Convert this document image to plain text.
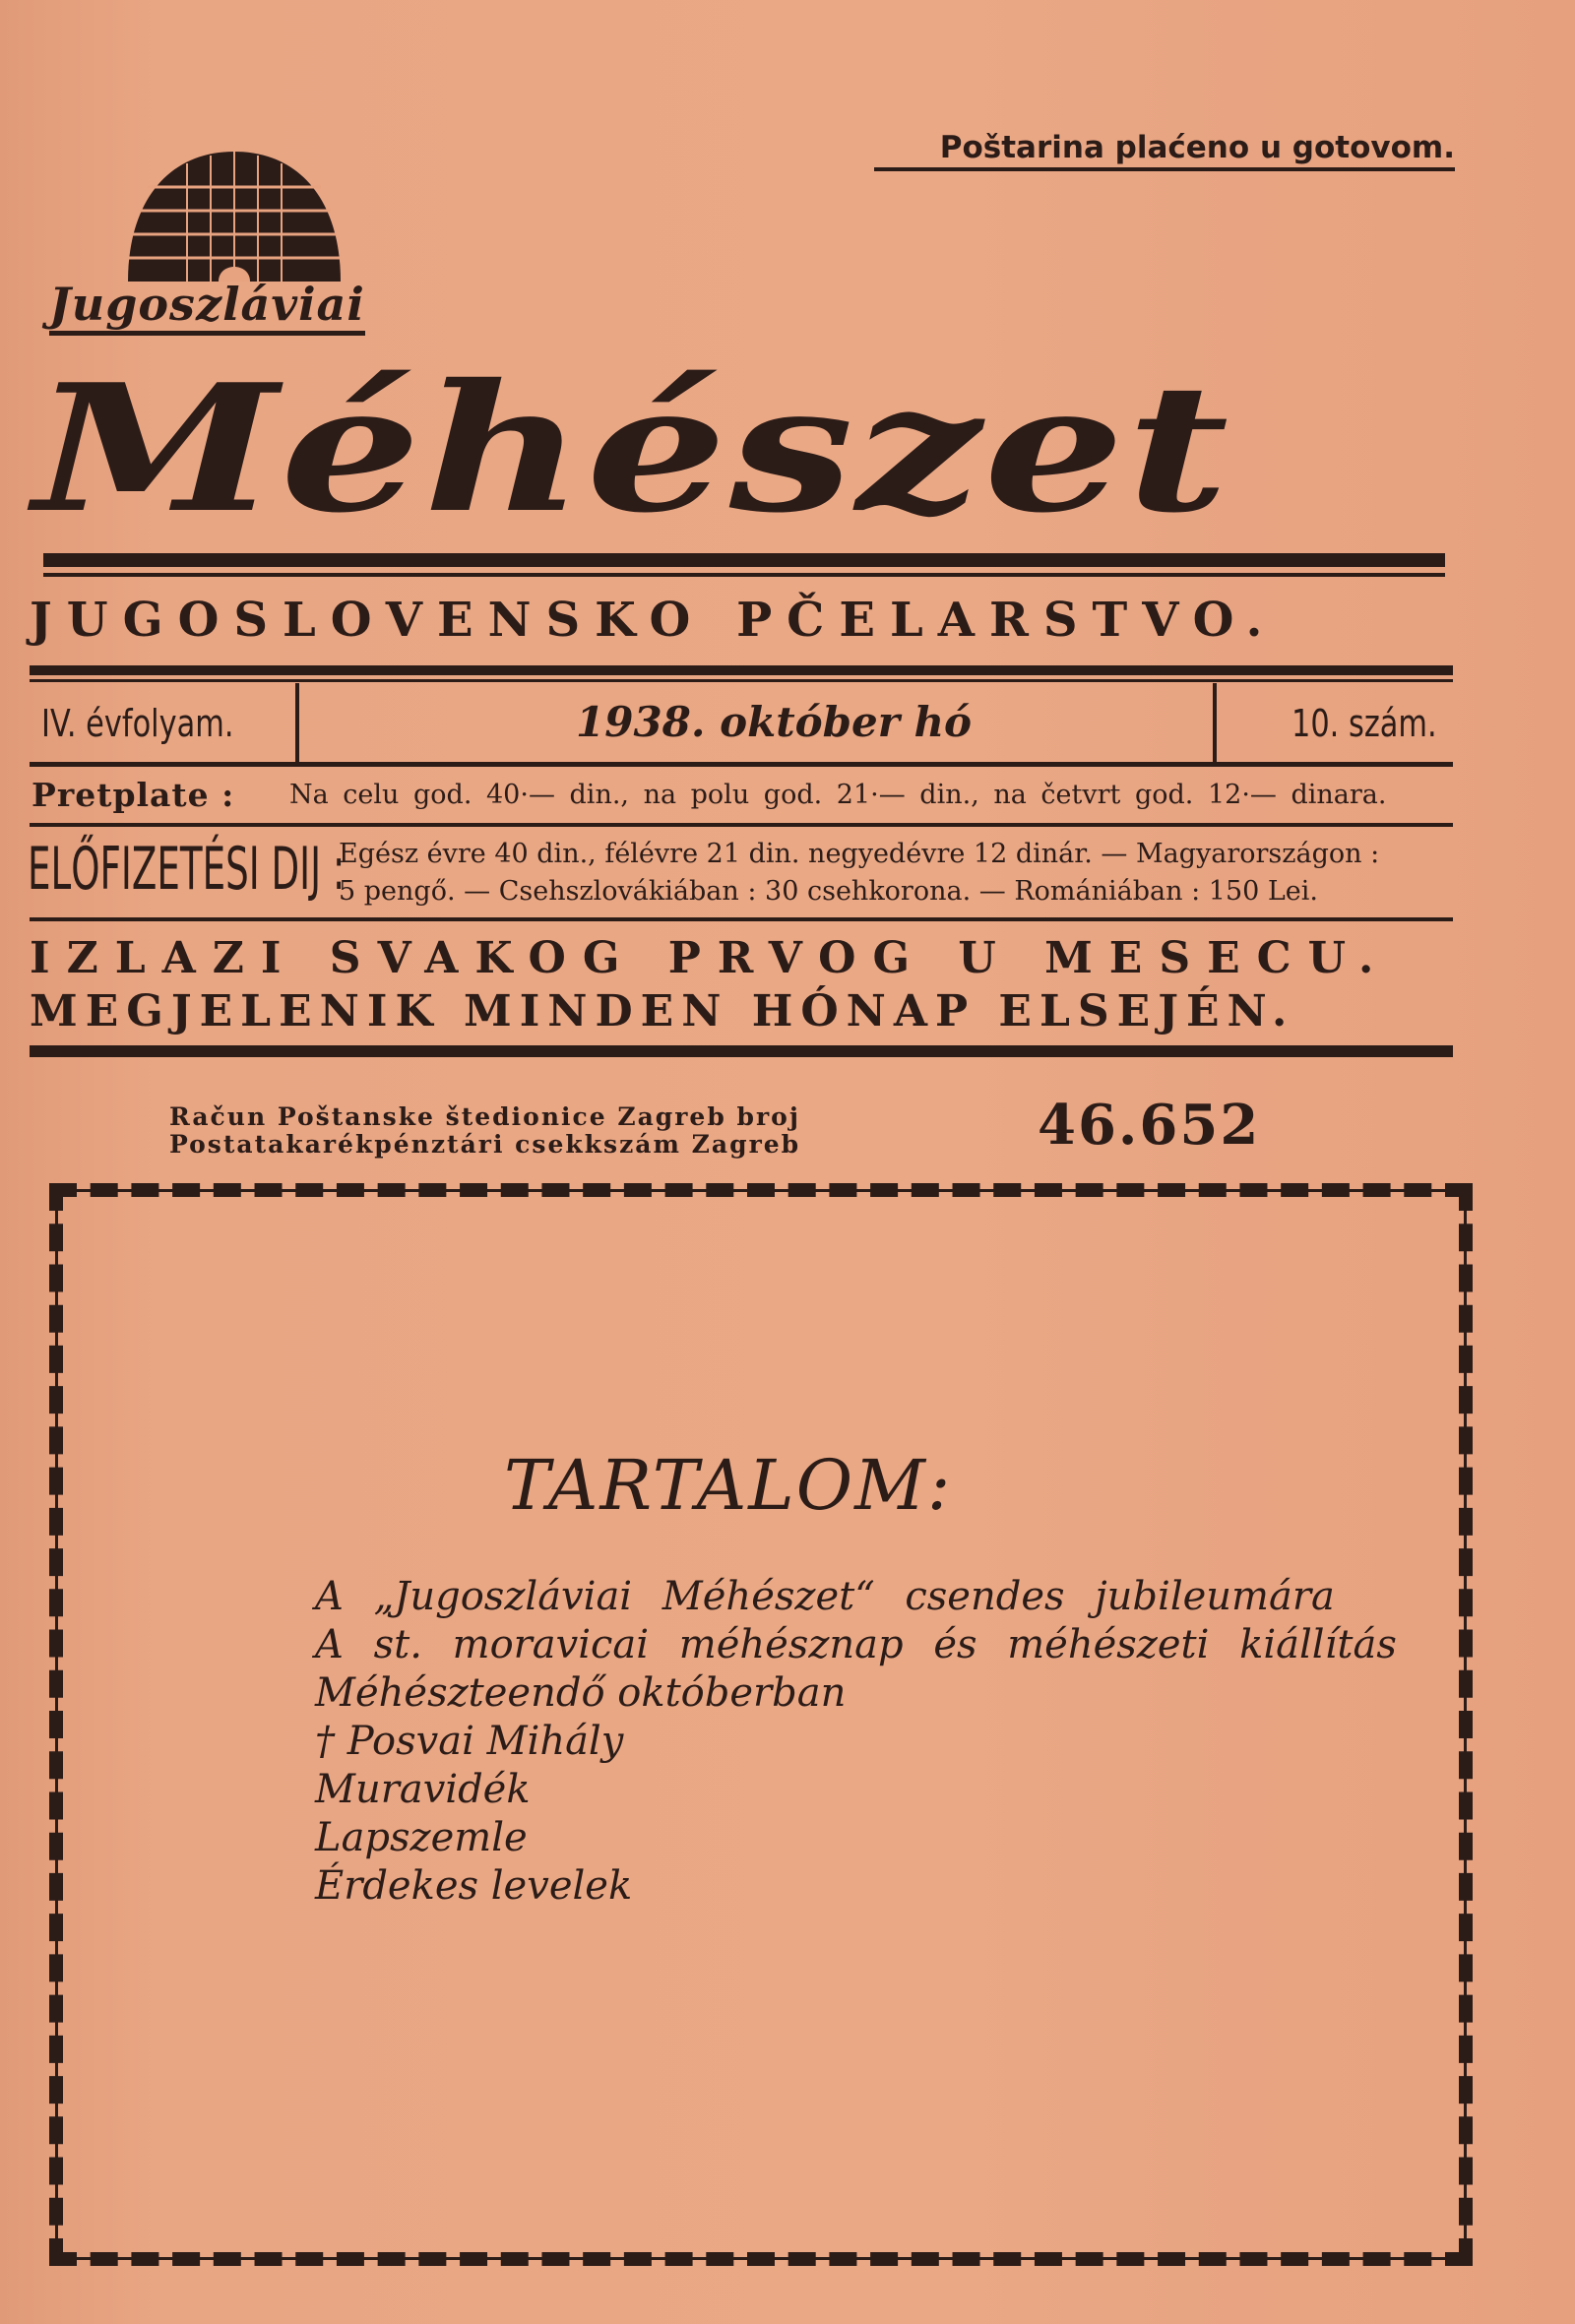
Poštarina plaćeno u gotovom.
Jugoszláviai
Méhészet
JUGOSLOVENSKO PČELARSTVO.
IV. évfolyam.	1938. október hó	10. szám.
Pretplate : Na celu god. 40·— din., na polu god. 21·— din., na četvrt god. 12·— dinara.
ELŐFIZETÉSI DIJ :
Egész évre 40 din., félévre 21 din. negyedévre 12 dinár. — Magyarországon :
5 pengő. — Csehszlovákiában : 30 csehkorona. — Romániában : 150 Lei.
IZLAZI SVAKOG PRVOG U MESECU.
MEGJELENIK MINDEN HÓNAP ELSEJÉN.
Račun Poštanske štedionice Zagreb broj
Postatakarékpénztári csekkszám Zagreb	46.652
TARTALOM:
A „Jugoszláviai Méhészet“ csendes jubileumára
A st. moravicai méhésznap és méhészeti kiállítás
Méhészteendő októberban
† Posvai Mihály
Muravidék
Lapszemle
Érdekes levelek
